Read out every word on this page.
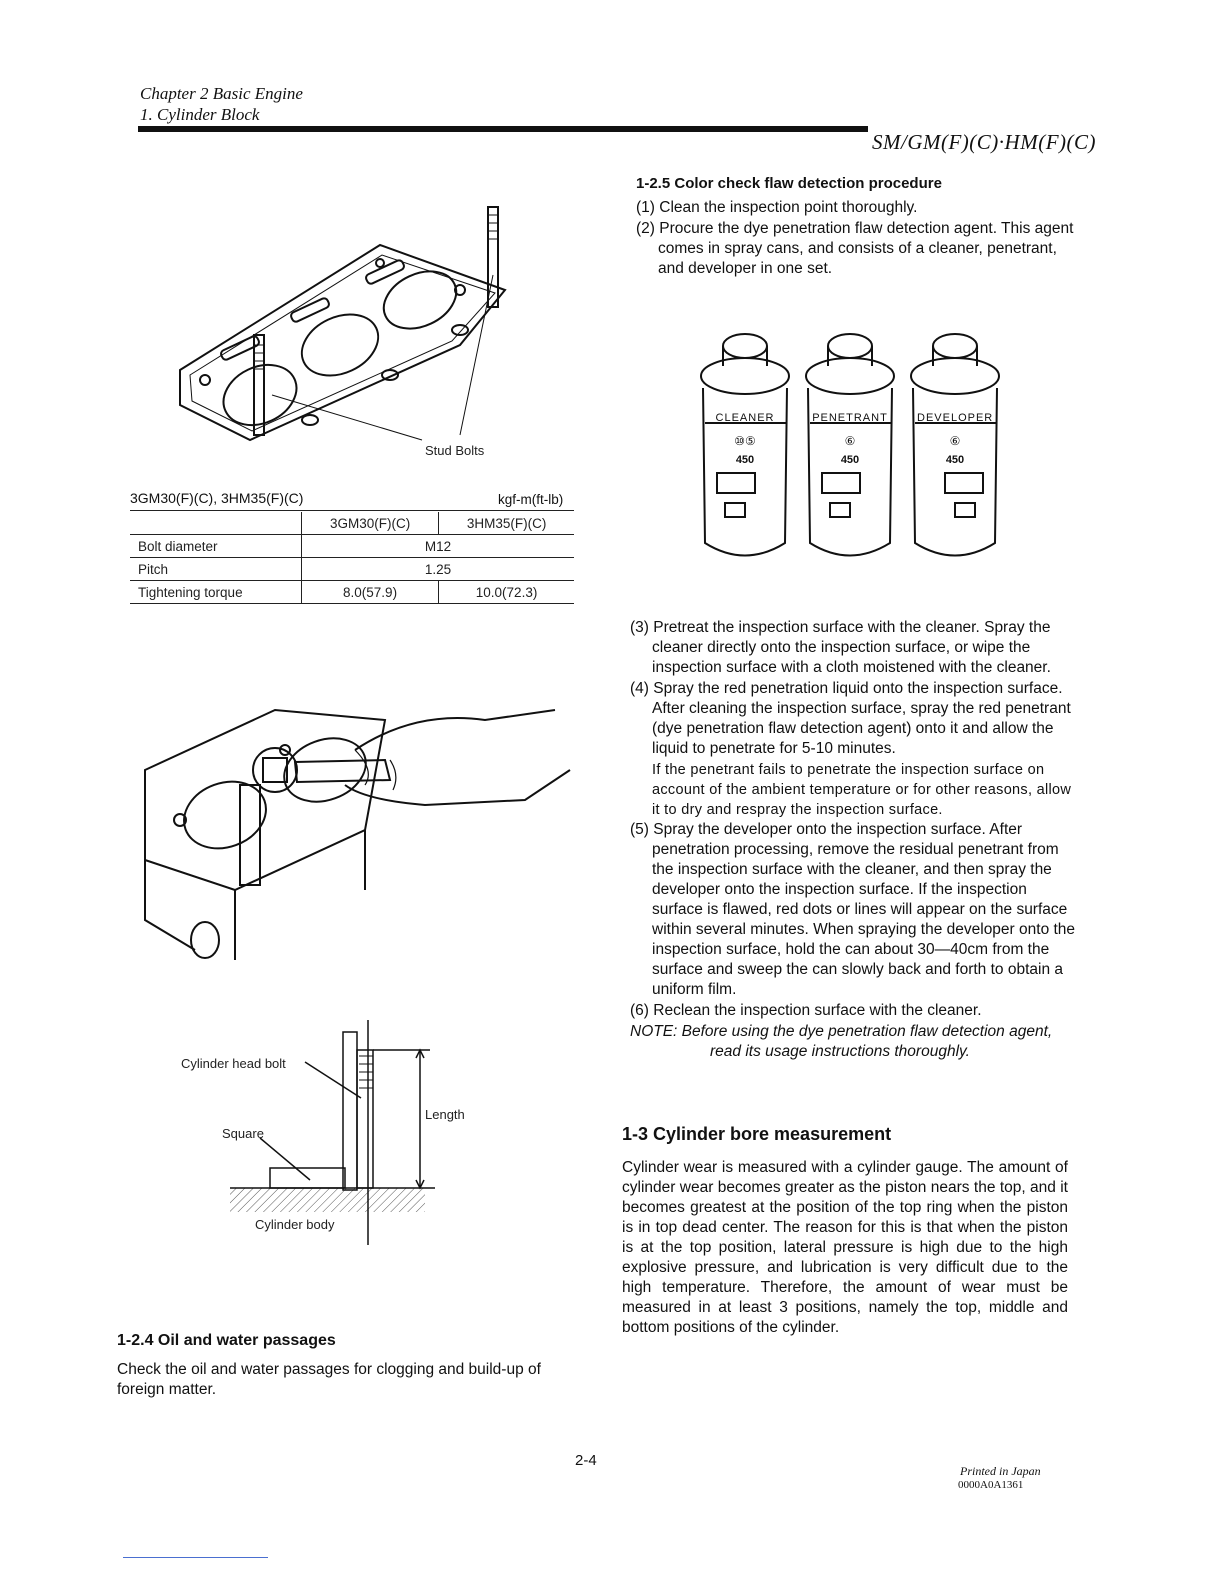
Chapter 2 Basic Engine
1. Cylinder Block
SM/GM(F)(C)·HM(F)(C)
Stud Bolts
3GM30(F)(C), 3HM35(F)(C)	kgf-m(ft-lb)
	3GM30(F)(C)	3HM35(F)(C)
Bolt diameter	M12	
Pitch	1.25	
Tightening torque	8.0(57.9)	10.0(72.3)
Cylinder head bolt
Square
Length
Cylinder body
1-2.4 Oil and water passages
Check the oil and water passages for clogging and build-up of foreign matter.
1-2.5 Color check flaw detection procedure

(1) Clean the inspection point thoroughly.

(2) Procure the dye penetration flaw detection agent. This agent comes in spray cans, and consists of a cleaner, penetrant, and developer in one set.

CLEANER	PENETRANT	DEVELOPER
⑩⑤	⑥	⑥
450	450	450

(3) Pretreat the inspection surface with the cleaner. Spray the cleaner directly onto the inspection surface, or wipe the inspection surface with a cloth moistened with the cleaner.

(4) Spray the red penetration liquid onto the inspection surface. After cleaning the inspection surface, spray the red penetrant (dye penetration flaw detection agent) onto it and allow the liquid to penetrate for 5-10 minutes.

If the penetrant fails to penetrate the inspection surface on account of the ambient temperature or for other reasons, allow it to dry and respray the inspection surface.

(5) Spray the developer onto the inspection surface. After penetration processing, remove the residual penetrant from the inspection surface with the cleaner, and then spray the developer onto the inspection surface. If the inspection surface is flawed, red dots or lines will appear on the surface within several minutes. When spraying the developer onto the inspection surface, hold the can about 30—40cm from the surface and sweep the can slowly back and forth to obtain a uniform film.

(6) Reclean the inspection surface with the cleaner.

NOTE: Before using the dye penetration flaw detection agent, read its usage instructions thoroughly.
1-3 Cylinder bore measurement
Cylinder wear is measured with a cylinder gauge. The amount of cylinder wear becomes greater as the piston nears the top, and it becomes greatest at the position of the top ring when the piston is in top dead center. The reason for this is that when the piston is at the top position, lateral pressure is high due to the high explosive pressure, and lubrication is very difficult due to the high temperature. Therefore, the amount of wear must be measured in at least 3 positions, namely the top, middle and bottom positions of the cylinder.
2-4
Printed in Japan
0000A0A1361
